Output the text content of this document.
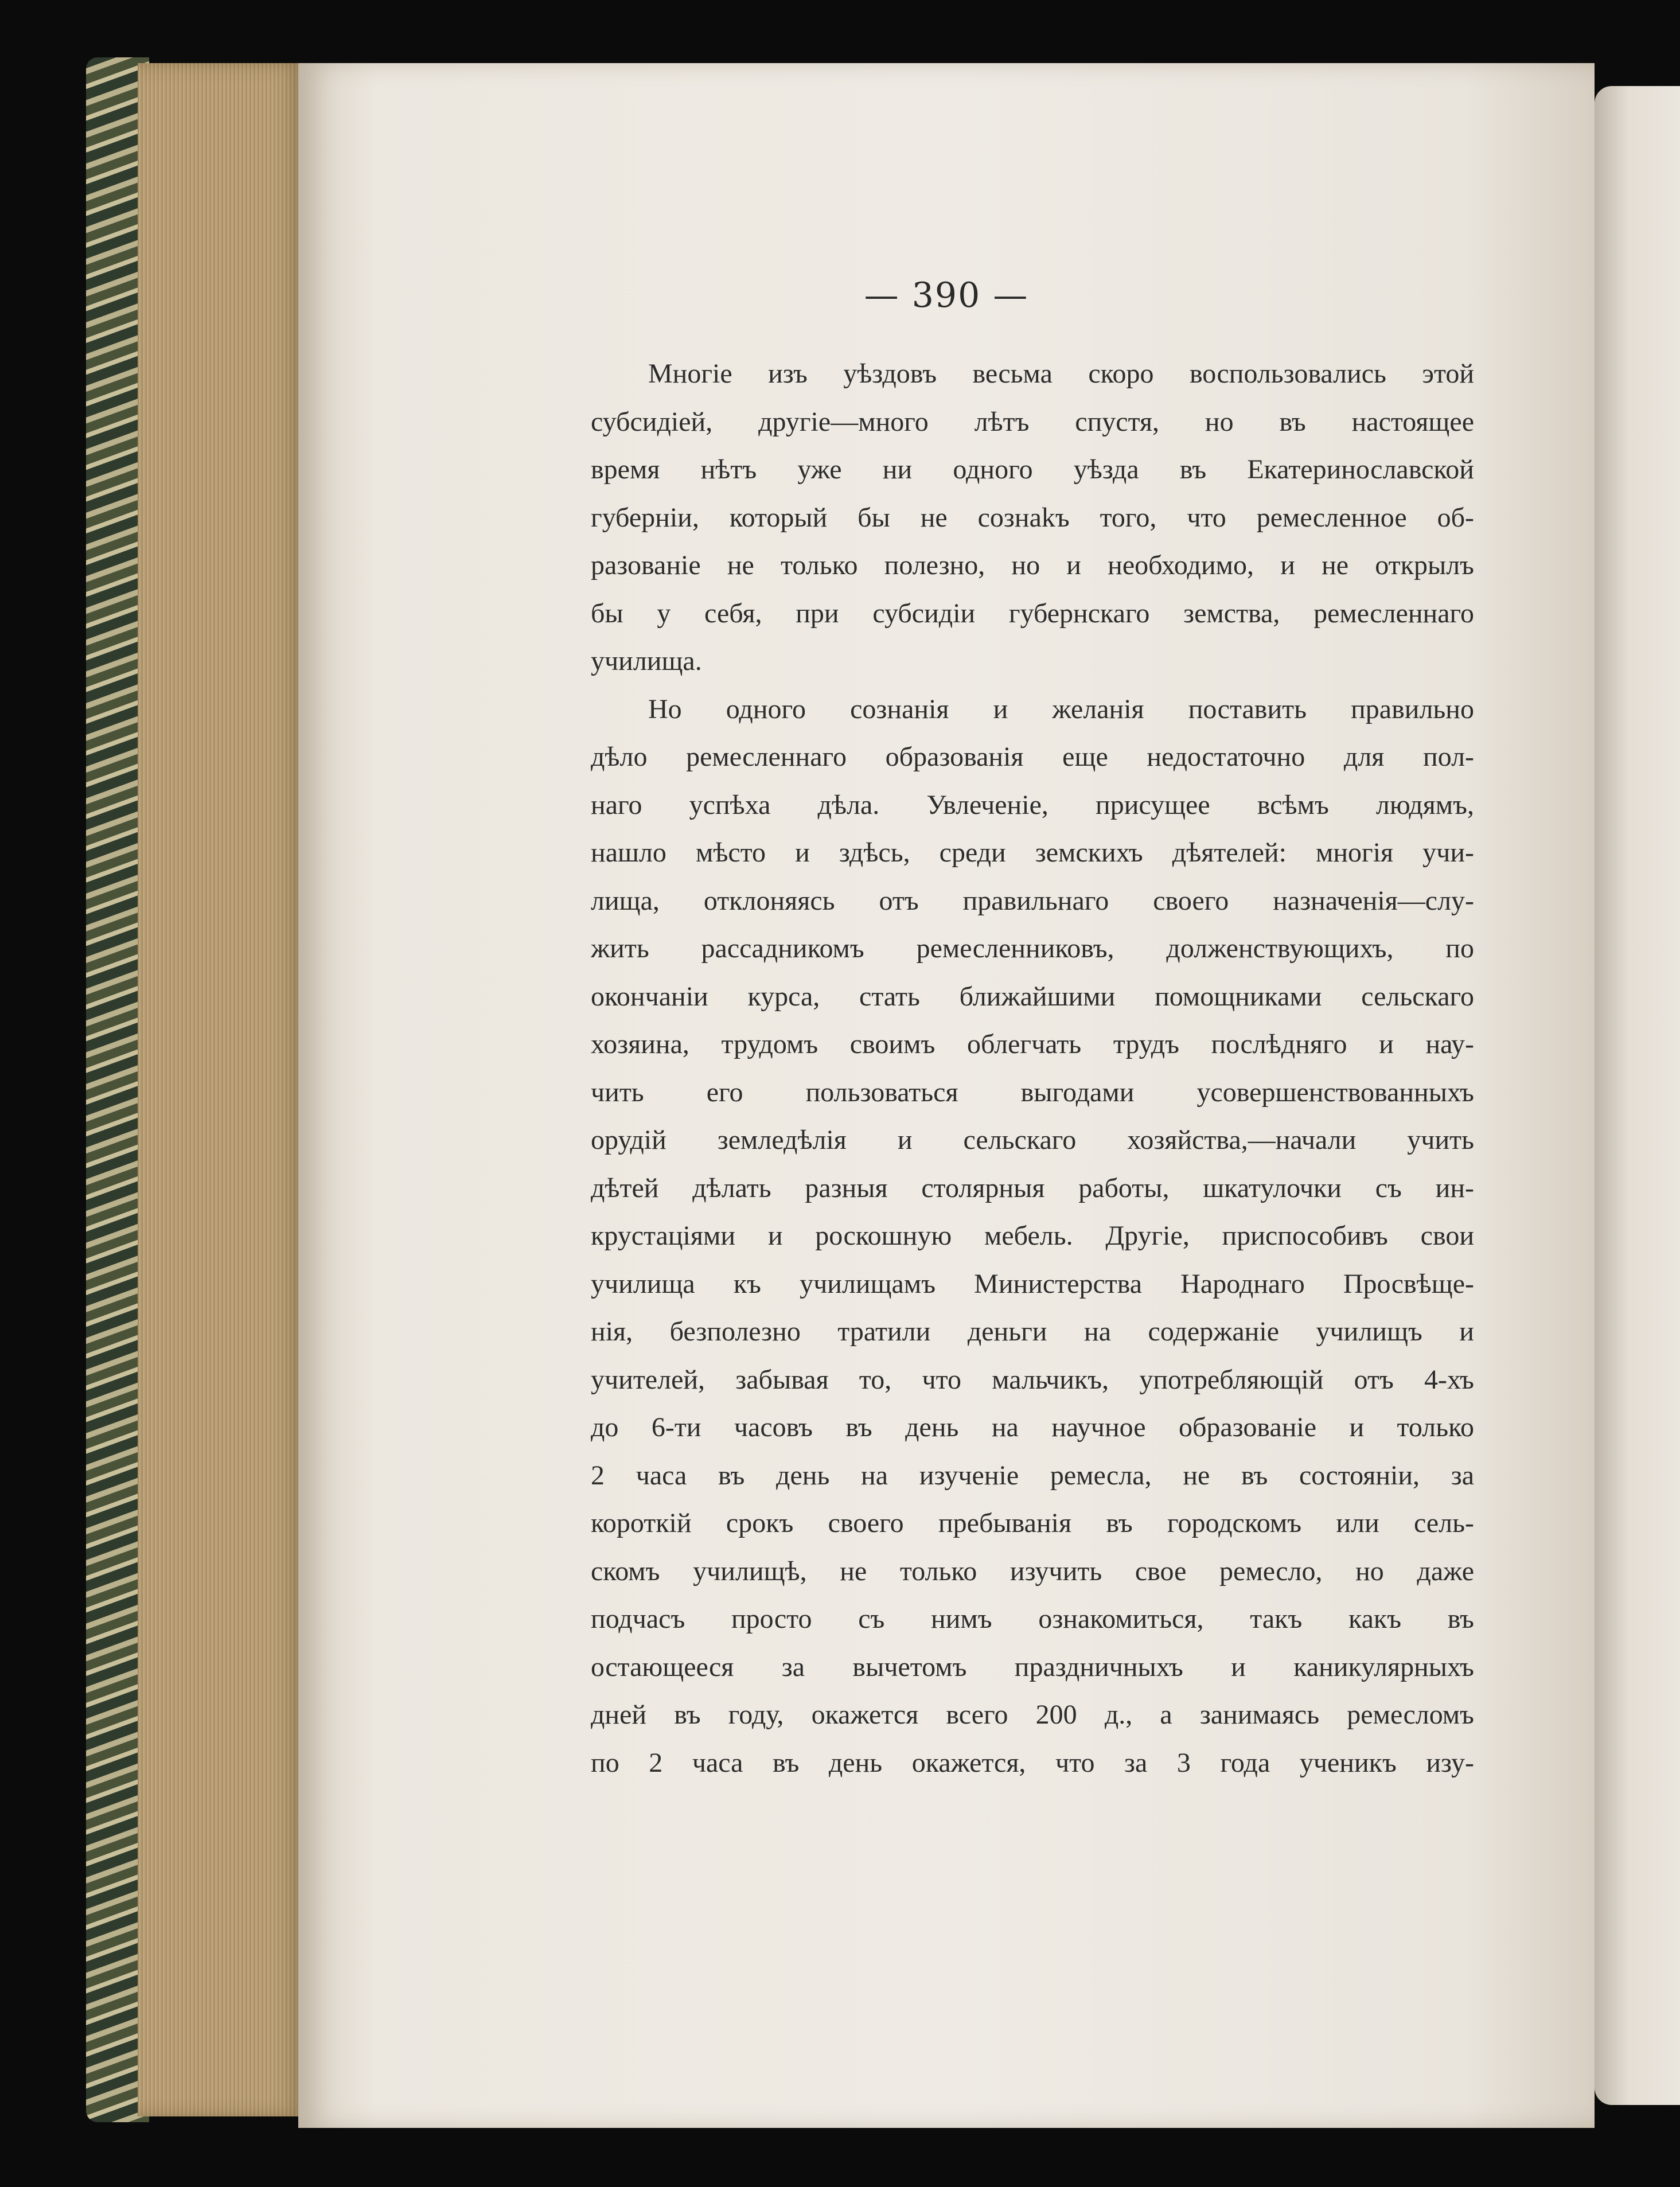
— 390 —
Многіе изъ уѣздовъ весьма скоро воспользовались этой
субсидіей, другіе—много лѣтъ спустя, но въ настоящее
время нѣтъ уже ни одного уѣзда въ Екатеринославской
губерніи, который бы не сознаkъ того, что ремесленное об-
разованіе не только полезно, но и необходимо, и не открылъ
бы у себя, при субсидіи губернскаго земства, ремесленнаго
училища.
Но одного сознанія и желанія поставить правильно
дѣло ремесленнаго образованія еще недостаточно для пол-
наго успѣха дѣла. Увлеченіе, присущее всѣмъ людямъ,
нашло мѣсто и здѣсь, среди земскихъ дѣятелей: многія учи-
лища, отклоняясь отъ правильнаго своего назначенія—слу-
жить расcадникомъ ремесленниковъ, долженствующихъ, по
окончаніи курса, стать ближайшими помощниками сельскаго
хозяина, трудомъ своимъ облегчать трудъ послѣдняго и нау-
чить его пользоваться выгодами усовершенствованныхъ
орудій земледѣлія и сельскаго хозяйства,—начали учить
дѣтей дѣлать разныя столярныя работы, шкатулочки съ ин-
крустаціями и роскошную мебель. Другіе, приспособивъ свои
училища къ училищамъ Министерства Народнаго Просвѣще-
нія, безполезно тратили деньги на содержаніе училищъ и
учителей, забывая то, что мальчикъ, употребляющій отъ 4-хъ
до 6-ти часовъ въ день на научное образованіе и только
2 часа въ день на изученіе ремесла, не въ состояніи, за
короткій срокъ своего пребыванія въ городскомъ или сель-
скомъ училищѣ, не только изучить свое ремесло, но даже
подчасъ просто съ нимъ ознакомиться, такъ какъ въ
остающееся за вычетомъ праздничныхъ и каникулярныхъ
дней въ году, окажется всего 200 д., а занимаясь ремесломъ
по 2 часа въ день окажется, что за 3 года ученикъ изу-
